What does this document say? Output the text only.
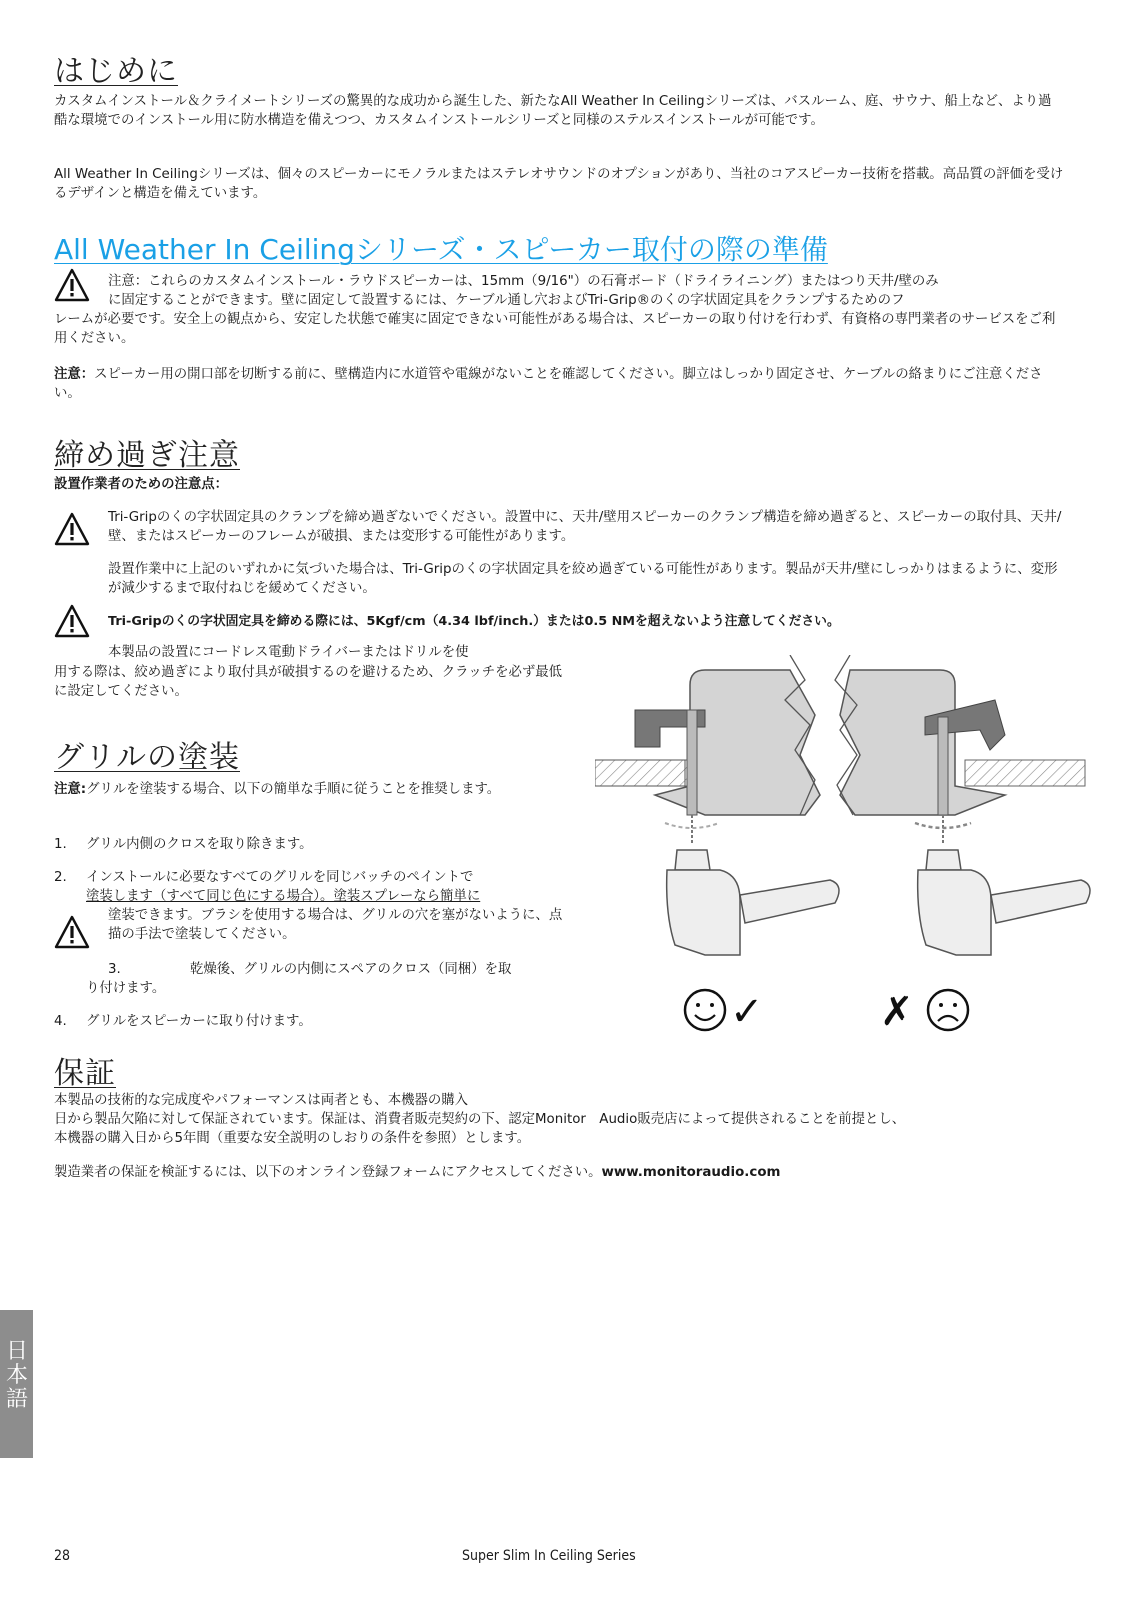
はじめに
カスタムインストール＆クライメートシリーズの驚異的な成功から誕生した、新たなAll Weather In Ceilingシリーズは、バスルーム、庭、サウナ、船上など、より過酷な環境でのインストール用に防水構造を備えつつ、カスタムインストールシリーズと同様のステルスインストールが可能です。
All Weather In Ceilingシリーズは、個々のスピーカーにモノラルまたはステレオサウンドのオプションがあり、当社のコアスピーカー技術を搭載。高品質の評価を受けるデザインと構造を備えています。
All Weather In Ceilingシリーズ・スピーカー取付の際の準備
注意：これらのカスタムインストール・ラウドスピーカーは、15mm（9/16"）の石膏ボード（ドライライニング）またはつり天井/壁のみ
に固定することができます。壁に固定して設置するには、ケーブル通し穴およびTri-Grip®のくの字状固定具をクランプするためのフ
レームが必要です。安全上の観点から、安定した状態で確実に固定できない可能性がある場合は、スピーカーの取り付けを行わず、有資格の専門業者のサービスをご利用ください。
注意：スピーカー用の開口部を切断する前に、壁構造内に水道管や電線がないことを確認してください。脚立はしっかり固定させ、ケーブルの絡まりにご注意ください。
締め過ぎ注意
設置作業者のための注意点：
Tri-Gripのくの字状固定具のクランプを締め過ぎないでください。設置中に、天井/壁用スピーカーのクランプ構造を締め過ぎると、スピーカーの取付具、天井/壁、またはスピーカーのフレームが破損、または変形する可能性があります。
設置作業中に上記のいずれかに気づいた場合は、Tri-Gripのくの字状固定具を絞め過ぎている可能性があります。製品が天井/壁にしっかりはまるように、変形が減少するまで取付ねじを緩めてください。
Tri-Gripのくの字状固定具を締める際には、5Kgf/cm（4.34 lbf/inch.）または0.5 NMを超えないよう注意してください。
本製品の設置にコードレス電動ドライバーまたはドリルを使
用する際は、絞め過ぎにより取付具が破損するのを避けるため、クラッチを必ず最低に設定してください。
グリルの塗装
注意:グリルを塗装する場合、以下の簡単な手順に従うことを推奨します。
1. グリル内側のクロスを取り除きます。
2. インストールに必要なすべてのグリルを同じバッチのペイントで
塗装します（すべて同じ色にする場合）。塗装スプレーなら簡単に
塗装できます。ブラシを使用する場合は、グリルの穴を塞がないように、点描の手法で塗装してください。
3.	乾燥後、グリルの内側にスペアのクロス（同梱）を取
り付けます。
4. グリルをスピーカーに取り付けます。
保証
本製品の技術的な完成度やパフォーマンスは両者とも、本機器の購入
日から製品欠陥に対して保証されています。保証は、消費者販売契約の下、認定Monitor　Audio販売店によって提供されることを前提とし、
本機器の購入日から5年間（重要な安全説明のしおりの条件を参照）とします。
製造業者の保証を検証するには、以下のオンライン登録フォームにアクセスしてください。www.monitoraudio.com
✓	✗
日本語
28	Super Slim In Ceiling Series
